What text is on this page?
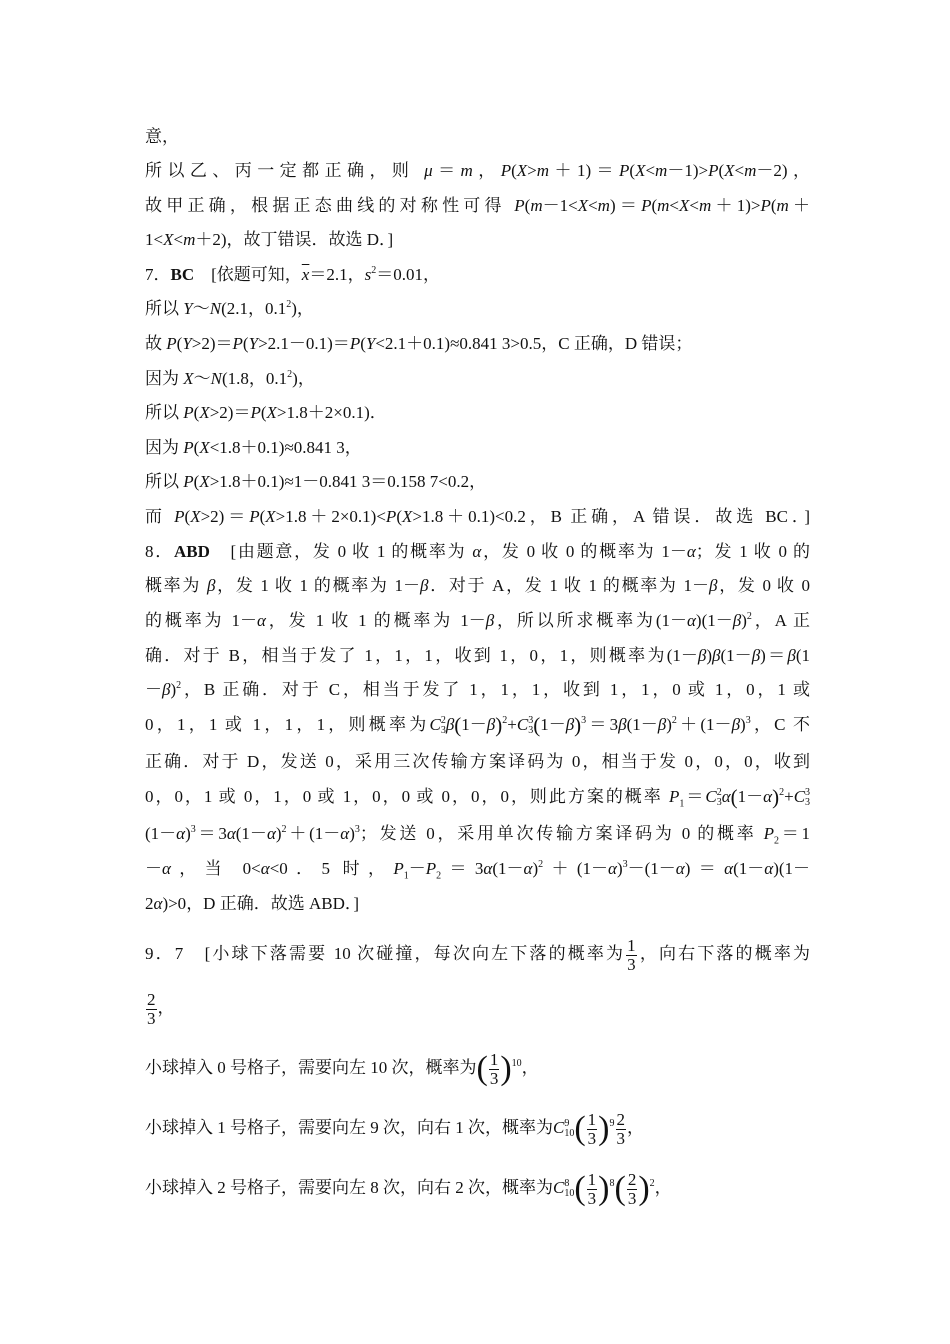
意，
所以乙、丙一定都正确，则 μ＝m，P(X>m＋1)＝P(X<m－1)>P(X<m－2)，
故甲正确，根据正态曲线的对称性可得 P(m－1<X<m)＝P(m<X<m＋1)>P(m＋
1<X<m＋2)，故丁错误．故选 D．]
7．BC　 [依题可知，$\overline{x}=2.1$，$s^2=0.01$，
所以 Y～N(2.1，$0.1^2$)，
故 P(Y>2)＝P(Y>2.1－0.1)＝P(Y<2.1＋0.1)≈0.841 3>0.5，C 正确，D 错误；
因为 X～N(1.8，$0.1^2$)，
所以 P(X>2)＝P(X>1.8＋2×0.1)．
因为 P(X<1.8＋0.1)≈0.841 3，
所以 P(X>1.8＋0.1)≈1－0.841 3＝0.158 7<0.2，
而 P(X>2)＝P(X>1.8＋2×0.1)<P(X>1.8＋0.1)<0.2，B 正确，A 错误．故选 BC．]
8．ABD　 [由题意，发 0 收 1 的概率为 α，发 0 收 0 的概率为 1－α；发 1 收 0 的
概率为 β，发 1 收 1 的概率为 1－β．对于 A，发 1 收 1 的概率为 1－β，发 0 收 0
的概率为 1－α，发 1 收 1 的概率为 1－β，所以所求概率为$(1-\alpha)(1-\beta)^2$，A 正
确．对于 B，相当于发了 1，1，1，收到 1，0，1，则概率为(1－β)β(1－β)＝β(1
－β)$^2$，B 正确．对于 C，相当于发了 1，1，1，收到 1，1，0 或 1，0，1 或
0，1，1 或 1，1，1，则概率为C 2
3 $\beta(1-\beta)^2+C$ 3
3 $(1-\beta)^3=3\beta(1-\beta)^2+(1-\beta)^3$，C 不
正确．对于 D，发送 0，采用三次传输方案译码为 0，相当于发 0，0，0，收到
0，0，1 或 0，1，0 或 1，0，0 或 0，0，0，则此方案的概率 $P_1=C$ 2
3 $\alpha(1-\alpha)^2+C$ 3
3
$(1-\alpha)^3=3\alpha(1-\alpha)^2+(1-\alpha)^3$；发送 0，采用单次传输方案译码为 0 的概率 $P_2=1$
－α，当 0<α<0．5 时，$P_1-P_2=3\alpha(1-\alpha)^2+(1-\alpha)^3-(1-\alpha)=\alpha(1-\alpha)(1-$
2α)>0，D 正确．故选 ABD．]
9．7　 [小球下落需要 10 次碰撞，每次向左下落的概率为 $\frac{1}{3}$ ，向右下落的概率为
$\frac{2}{3}$ ，
小球掉入 0 号格子，需要向左 10 次，概率为( $\frac{1}{3} )^{10}$，
小球掉入 1 号格子，需要向左 9 次，向右 1 次，概率为C 9
10 ( $\frac{1}{3} )^9 \frac{2}{3}$ ，
小球掉入 2 号格子，需要向左 8 次，向右 2 次，概率为C 8
10 ( $\frac{1}{3} )^8( \frac{2}{3} )^2$，
